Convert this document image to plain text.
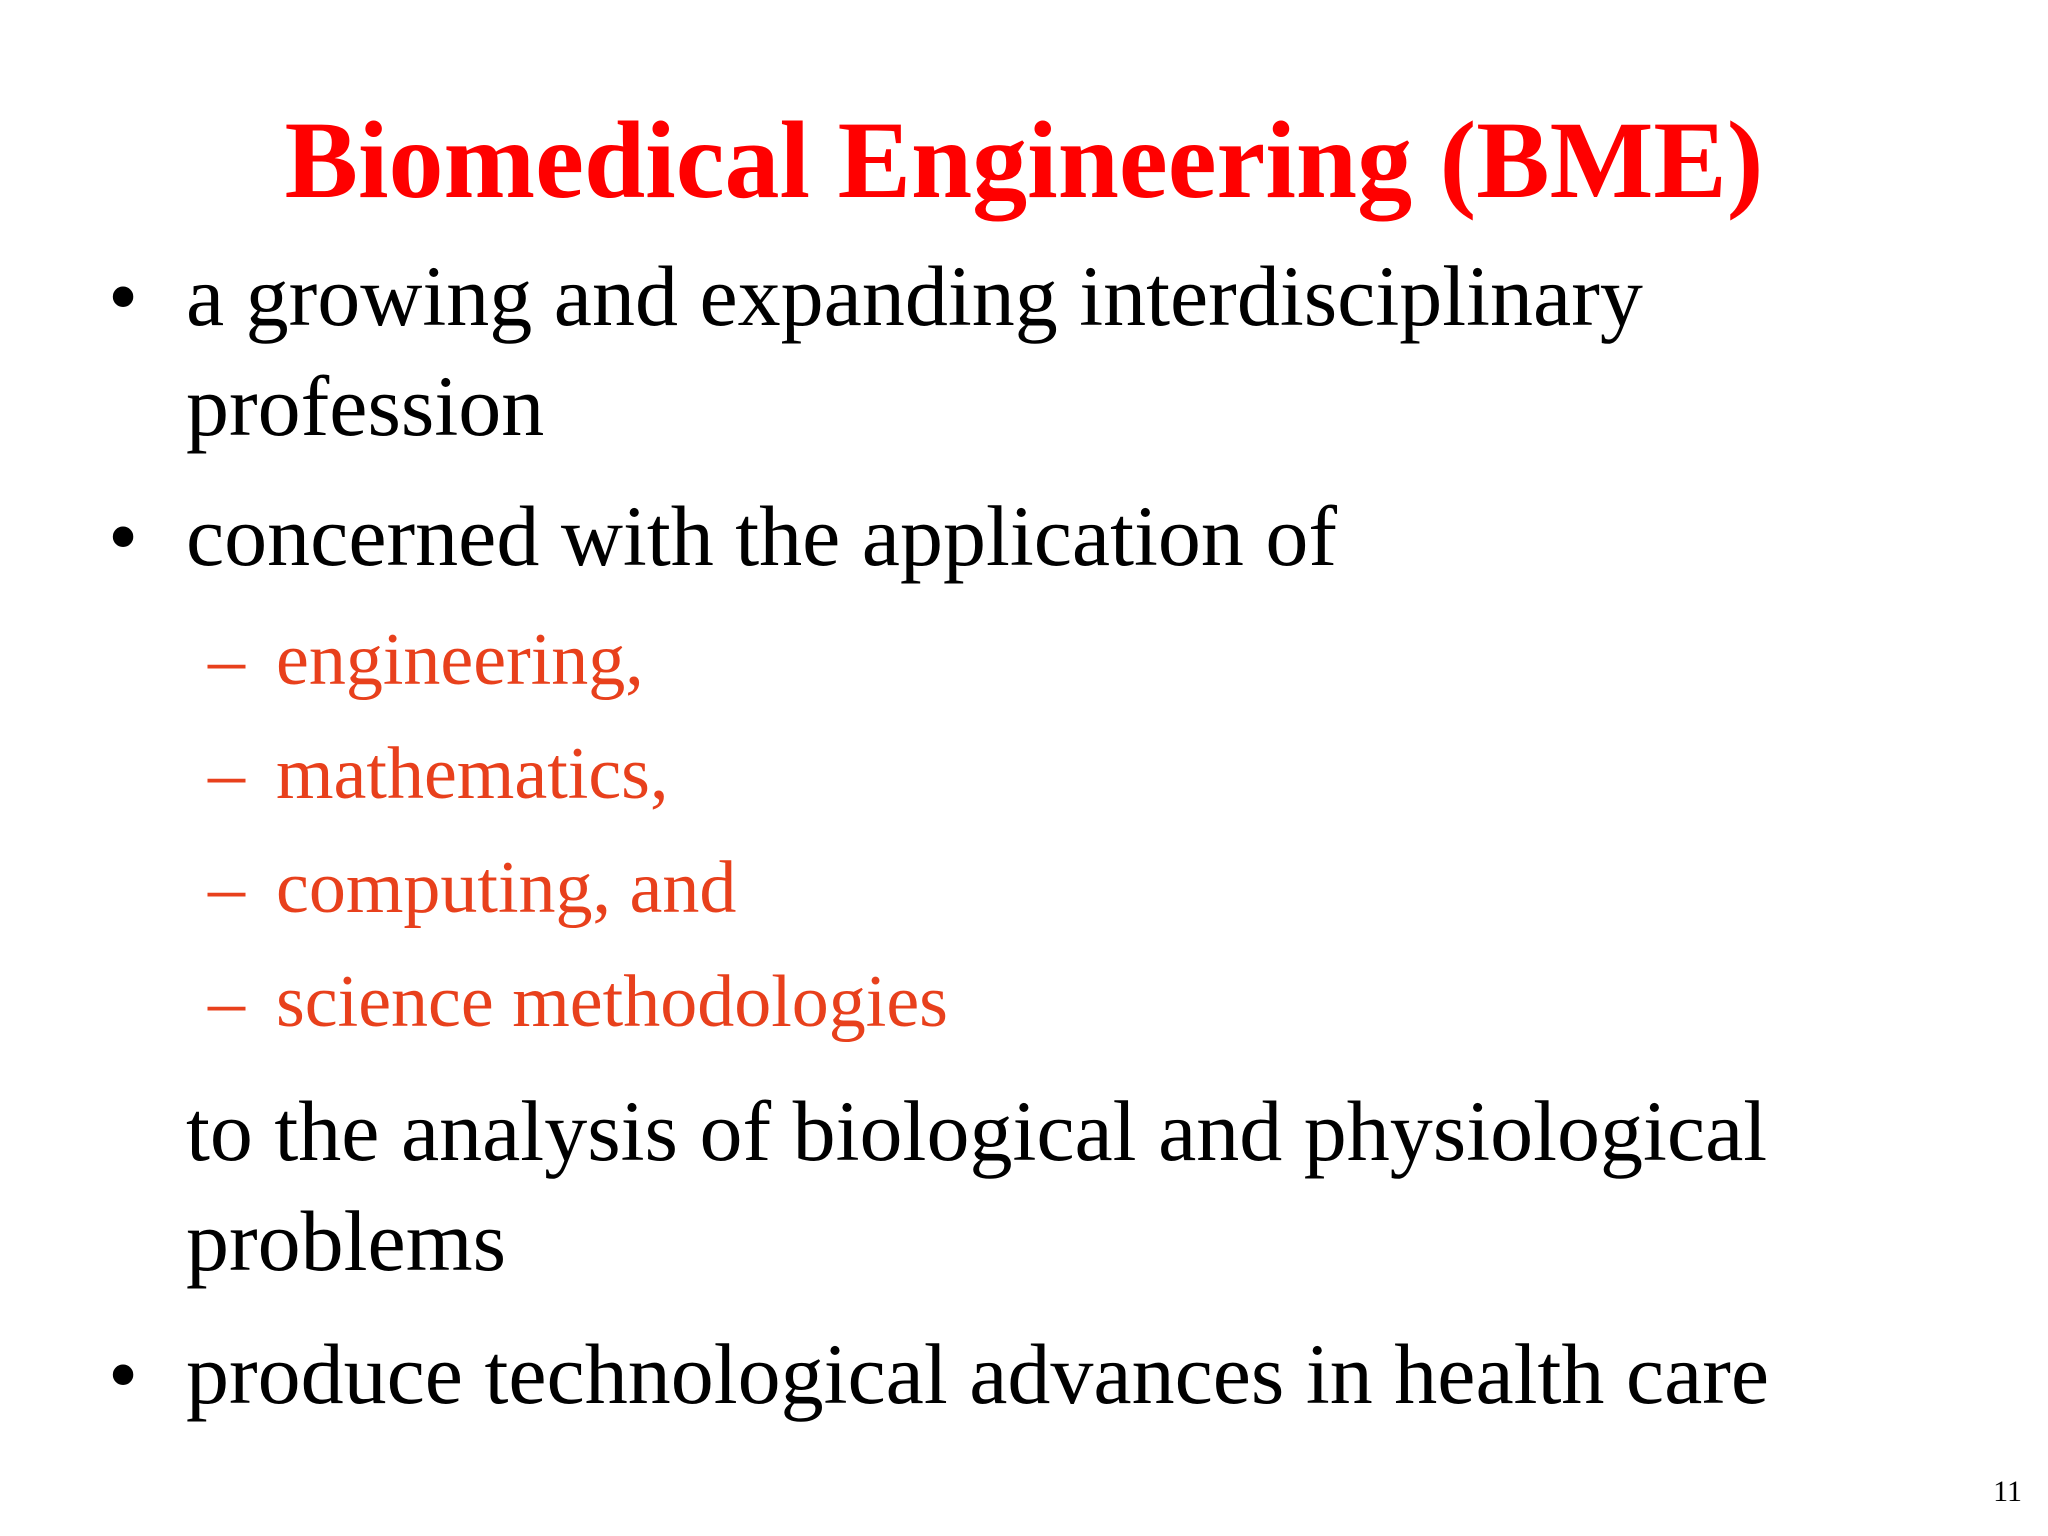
Biomedical Engineering (BME)
• a growing and expanding interdisciplinary
profession
• concerned with the application of
– engineering,
– mathematics,
– computing, and
– science methodologies
to the analysis of biological and physiological
problems
• produce technological advances in health care
11
